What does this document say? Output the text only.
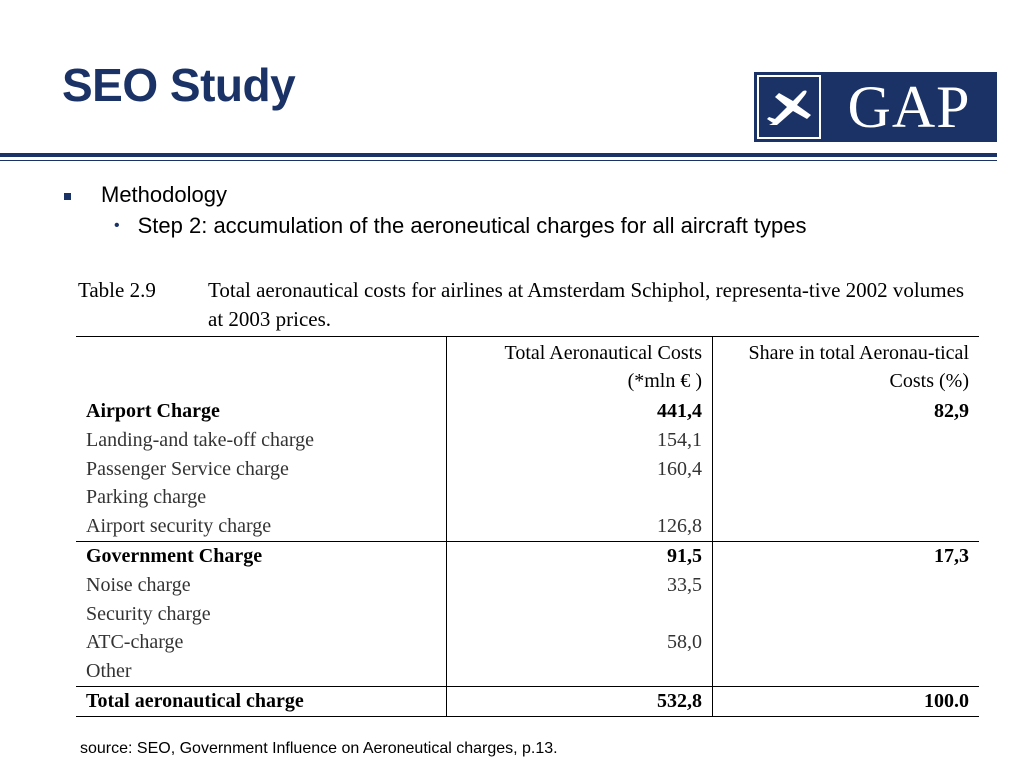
SEO Study	GAP
Methodology
• Step 2: accumulation of the aeroneutical charges for all aircraft types
Table 2.9	Total aeronautical costs for airlines at Amsterdam Schiphol, representa-tive 2002 volumes at 2003 prices.
	Total Aeronautical Costs (*mln € )	Share in total Aeronau-tical Costs (%)
Airport Charge	441,4	82,9
Landing-and take-off charge	154,1	
Passenger Service charge	160,4	
Parking charge		
Airport security charge	126,8	
Government Charge	91,5	17,3
Noise charge	33,5	
Security charge		
ATC-charge	58,0	
Other		
Total aeronautical charge	532,8	100.0
source: SEO, Government Influence on Aeroneutical charges, p.13.
